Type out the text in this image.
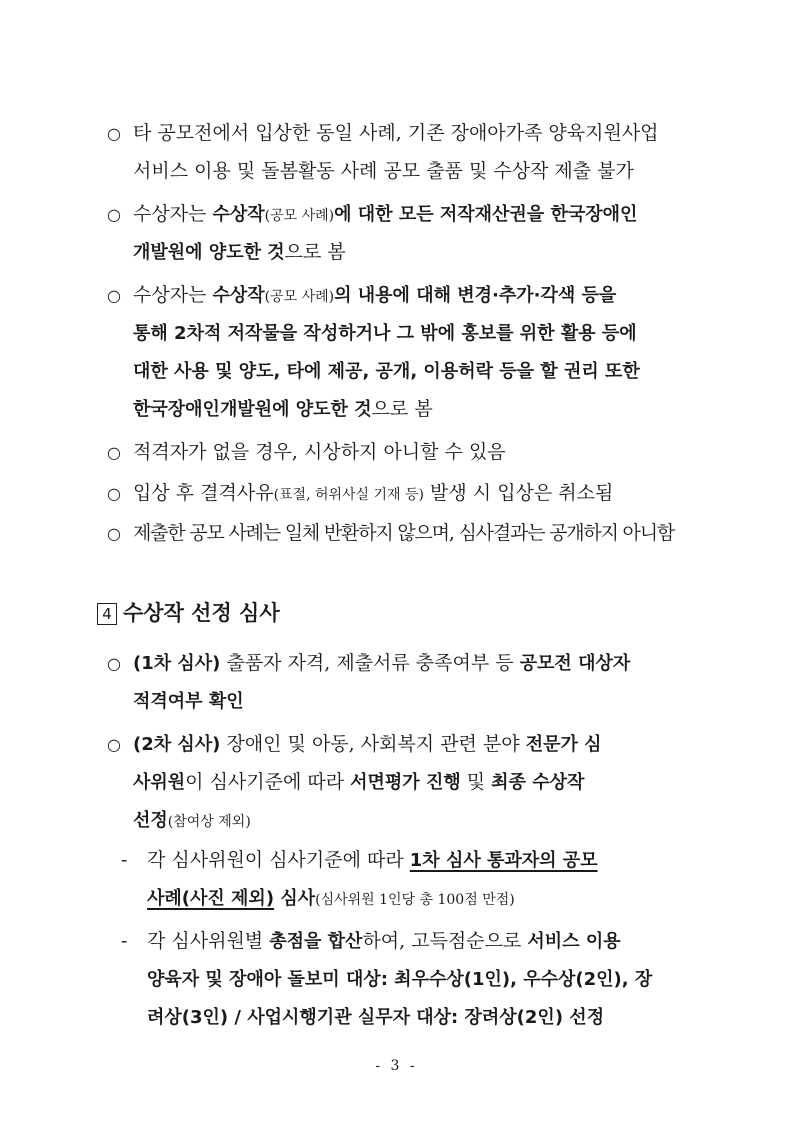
○ 타 공모전에서 입상한 동일 사례, 기존 장애아가족 양육지원사업
서비스 이용 및 돌봄활동 사례 공모 출품 및 수상작 제출 불가
○ 수상자는 수상작(공모 사례)에 대한 모든 저작재산권을 한국장애인
개발원에 양도한 것으로 봄
○ 수상자는 수상작(공모 사례)의 내용에 대해 변경·추가·각색 등을
통해 2차적 저작물을 작성하거나 그 밖에 홍보를 위한 활용 등에
대한 사용 및 양도, 타에 제공, 공개, 이용허락 등을 할 권리 또한
한국장애인개발원에 양도한 것으로 봄
○ 적격자가 없을 경우, 시상하지 아니할 수 있음
○ 입상 후 결격사유(표절, 허위사실 기재 등) 발생 시 입상은 취소됨
○ 제출한 공모 사례는 일체 반환하지 않으며, 심사결과는 공개하지 아니함
4 수상작 선정 심사
○ (1차 심사) 출품자 자격, 제출서류 충족여부 등 공모전 대상자
적격여부 확인
○ (2차 심사) 장애인 및 아동, 사회복지 관련 분야 전문가 심
사위원이 심사기준에 따라 서면평가 진행 및 최종 수상작
선정(참여상 제외)
- 각 심사위원이 심사기준에 따라 1차 심사 통과자의 공모
사례(사진 제외) 심사(심사위원 1인당 총 100점 만점)
- 각 심사위원별 총점을 합산하여, 고득점순으로 서비스 이용
양육자 및 장애아 돌보미 대상: 최우수상(1인), 우수상(2인), 장
려상(3인) / 사업시행기관 실무자 대상: 장려상(2인) 선정
- 3 -
